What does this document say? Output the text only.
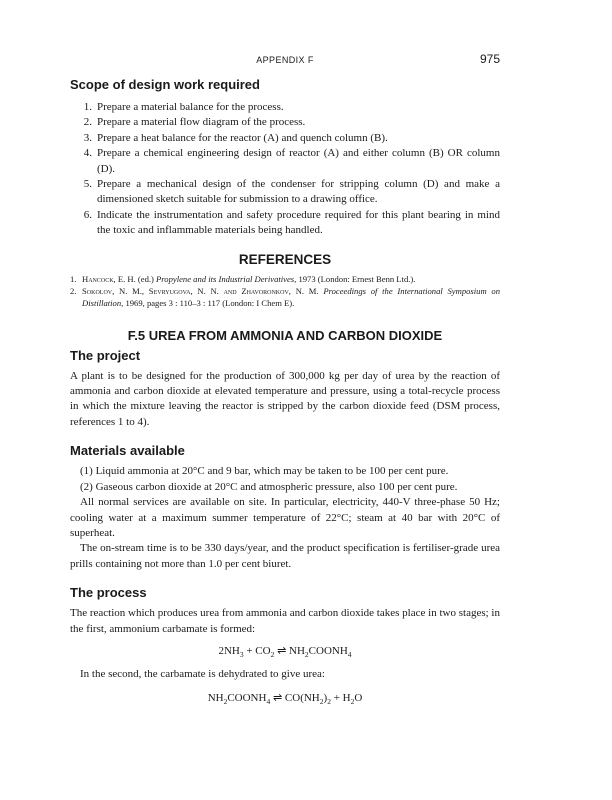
APPENDIX F	975
Scope of design work required
1. Prepare a material balance for the process.
2. Prepare a material flow diagram of the process.
3. Prepare a heat balance for the reactor (A) and quench column (B).
4. Prepare a chemical engineering design of reactor (A) and either column (B) OR column (D).
5. Prepare a mechanical design of the condenser for stripping column (D) and make a dimensioned sketch suitable for submission to a drawing office.
6. Indicate the instrumentation and safety procedure required for this plant bearing in mind the toxic and inflammable materials being handled.
REFERENCES
1. Hancock, E. H. (ed.) Propylene and its Industrial Derivatives, 1973 (London: Ernest Benn Ltd.).
2. Sokolov, N. M., Sevryugova, N. N. and Zhavoronkov, N. M. Proceedings of the International Symposium on Distillation, 1969, pages 3 : 110–3 : 117 (London: I Chem E).
F.5 UREA FROM AMMONIA AND CARBON DIOXIDE
The project

A plant is to be designed for the production of 300,000 kg per day of urea by the reaction of ammonia and carbon dioxide at elevated temperature and pressure, using a total-recycle process in which the mixture leaving the reactor is stripped by the carbon dioxide feed (DSM process, references 1 to 4).

Materials available

(1) Liquid ammonia at 20°C and 9 bar, which may be taken to be 100 per cent pure.

(2) Gaseous carbon dioxide at 20°C and atmospheric pressure, also 100 per cent pure.

All normal services are available on site. In particular, electricity, 440-V three-phase 50 Hz; cooling water at a maximum summer temperature of 22°C; steam at 40 bar with 20°C of superheat.

The on-stream time is to be 330 days/year, and the product specification is fertiliser-grade urea prills containing not more than 1.0 per cent biuret.

The process

The reaction which produces urea from ammonia and carbon dioxide takes place in two stages; in the first, ammonium carbamate is formed:

$2NH_3 + CO_2$ ⇌ $NH_2COONH_4$

In the second, the carbamate is dehydrated to give urea:

$NH_2COONH_4$ ⇌ $CO(NH_2)_2 + H_2O$
